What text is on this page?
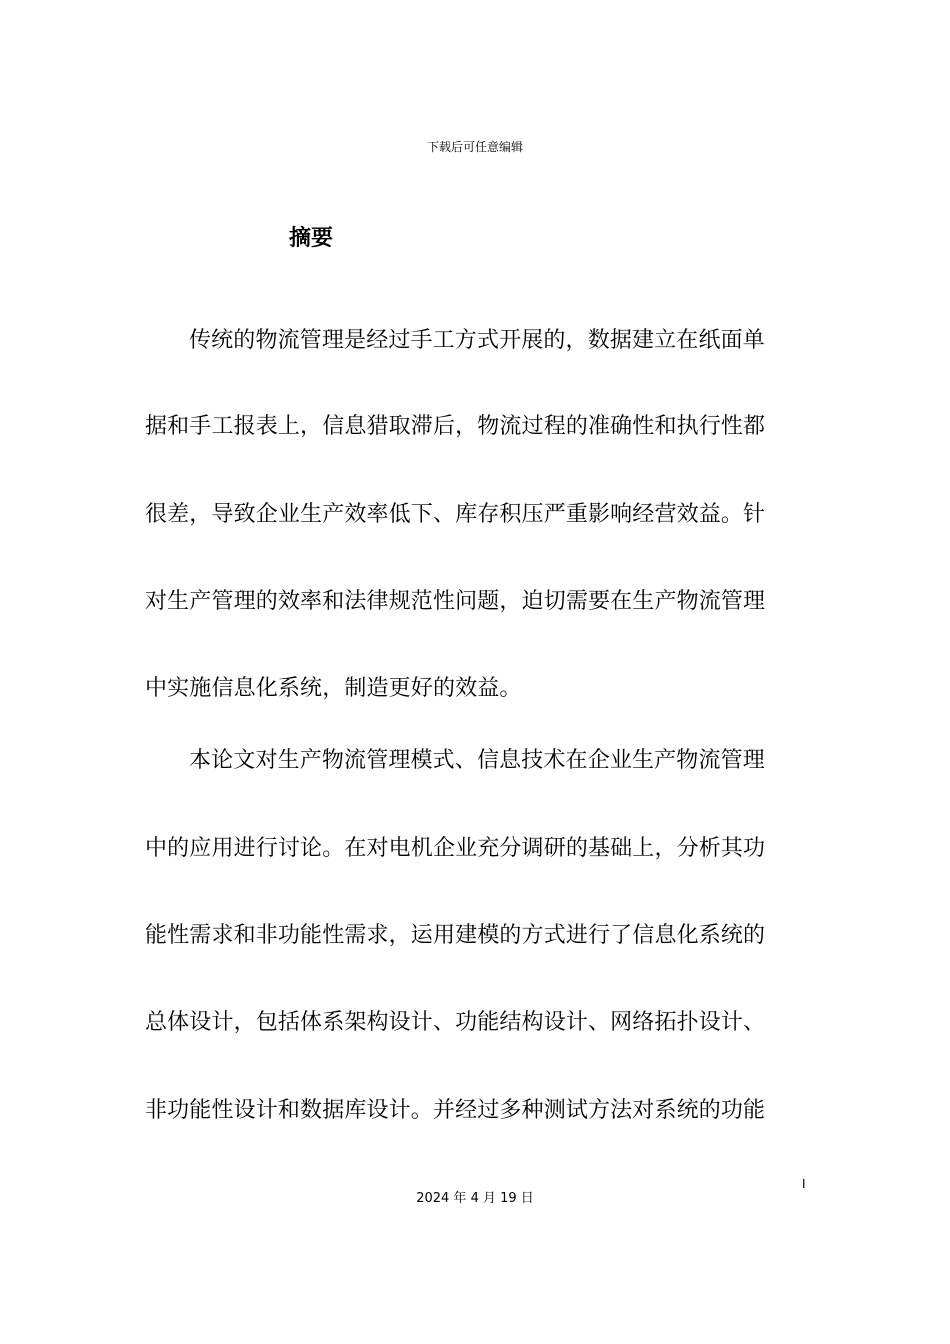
下载后可任意编辑
摘要
传统的物流管理是经过手工方式开展的，数据建立在纸面单
据和手工报表上，信息猎取滞后，物流过程的准确性和执行性都
很差，导致企业生产效率低下、库存积压严重影响经营效益。针
对生产管理的效率和法律规范性问题，迫切需要在生产物流管理
中实施信息化系统，制造更好的效益。
本论文对生产物流管理模式、信息技术在企业生产物流管理
中的应用进行讨论。在对电机企业充分调研的基础上，分析其功
能性需求和非功能性需求，运用建模的方式进行了信息化系统的
总体设计，包括体系架构设计、功能结构设计、网络拓扑设计、
非功能性设计和数据库设计。并经过多种测试方法对系统的功能
I
2024 年 4 月 19 日
